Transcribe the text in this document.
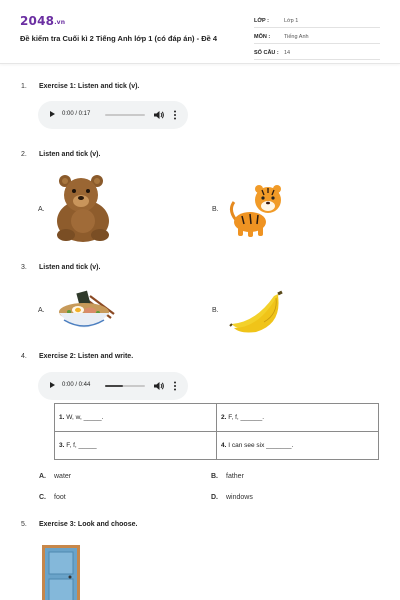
2048.vn
Đề kiểm tra Cuối kì 2 Tiếng Anh lớp 1 (có đáp án) - Đề 4
LỚP :	Lớp 1
MÔN :	Tiếng Anh
SỐ CÂU : 14
1. Exercise 1: Listen and tick (v).
0:00 / 0:17
2. Listen and tick (v).
A.	B.
3. Listen and tick (v).
A.	B.
4. Exercise 2: Listen and write.
0:00 / 0:44
1. W, w, _____.	2. F, f, ______.
3. F, f, _____	4. I can see six _______.
A. water	B. father
C. foot	D. windows
5. Exercise 3: Look and choose.
